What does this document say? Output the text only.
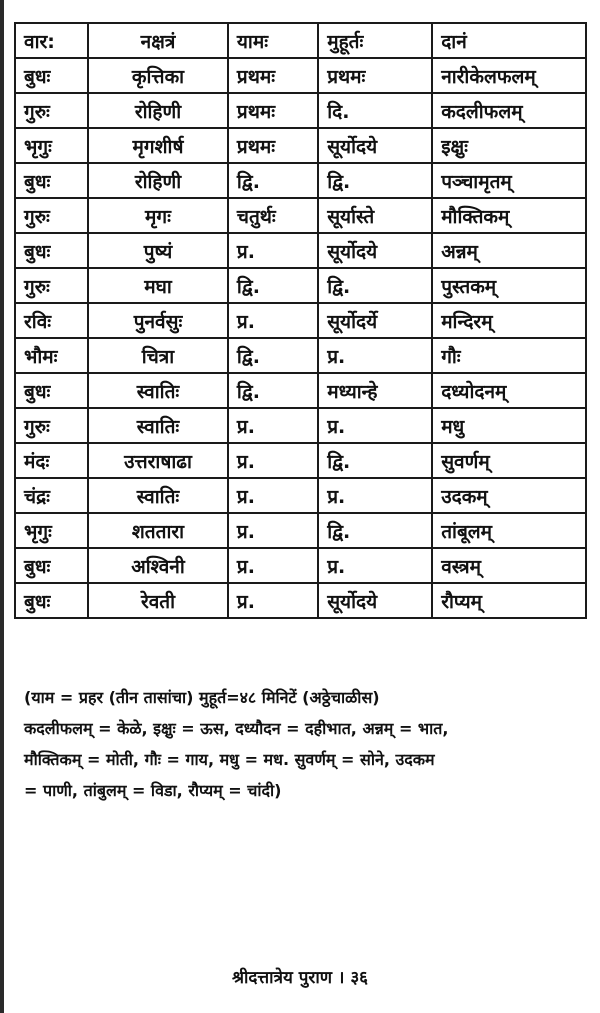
वार:	नक्षत्रं	यामः	मुहूर्तः	दानं
बुधः	कृत्तिका	प्रथमः	प्रथमः	नारीकेलफलम्
गुरुः	रोहिणी	प्रथमः	दि.	कदलीफलम्
भृगुः	मृगशीर्ष	प्रथमः	सूर्योदये	इक्षुः
बुधः	रोहिणी	द्वि.	द्वि.	पञ्चामृतम्
गुरुः	मृगः	चतुर्थः	सूर्यास्ते	मौक्तिकम्
बुधः	पुष्यं	प्र.	सूर्योदये	अन्नम्
गुरुः	मघा	द्वि.	द्वि.	पुस्तकम्
रविः	पुनर्वसुः	प्र.	सूर्योदर्ये	मन्दिरम्
भौमः	चित्रा	द्वि.	प्र.	गौः
बुधः	स्वातिः	द्वि.	मध्यान्हे	दध्योदनम्
गुरुः	स्वातिः	प्र.	प्र.	मधु
मंदः	उत्तराषाढा	प्र.	द्वि.	सुवर्णम्
चंद्रः	स्वातिः	प्र.	प्र.	उदकम्
भृगुः	शततारा	प्र.	द्वि.	तांबूलम्
बुधः	अश्विनी	प्र.	प्र.	वस्त्रम्
बुधः	रेवती	प्र.	सूर्योदये	रौप्यम्

(याम = प्रहर (तीन तासांचा) मुहूर्त=४८ मिनिटें (अठ्ठेचाळीस)

कदलीफलम् = केळे, इक्षुः = ऊस, दध्यौदन = दहीभात, अन्नम् = भात,

मौक्तिकम् = मोती, गौः = गाय, मधु = मध. सुवर्णम् = सोने, उदकम

= पाणी, तांबुलम् = विडा, रौप्यम् = चांदी)

श्रीदत्तात्रेय पुराण । ३६
